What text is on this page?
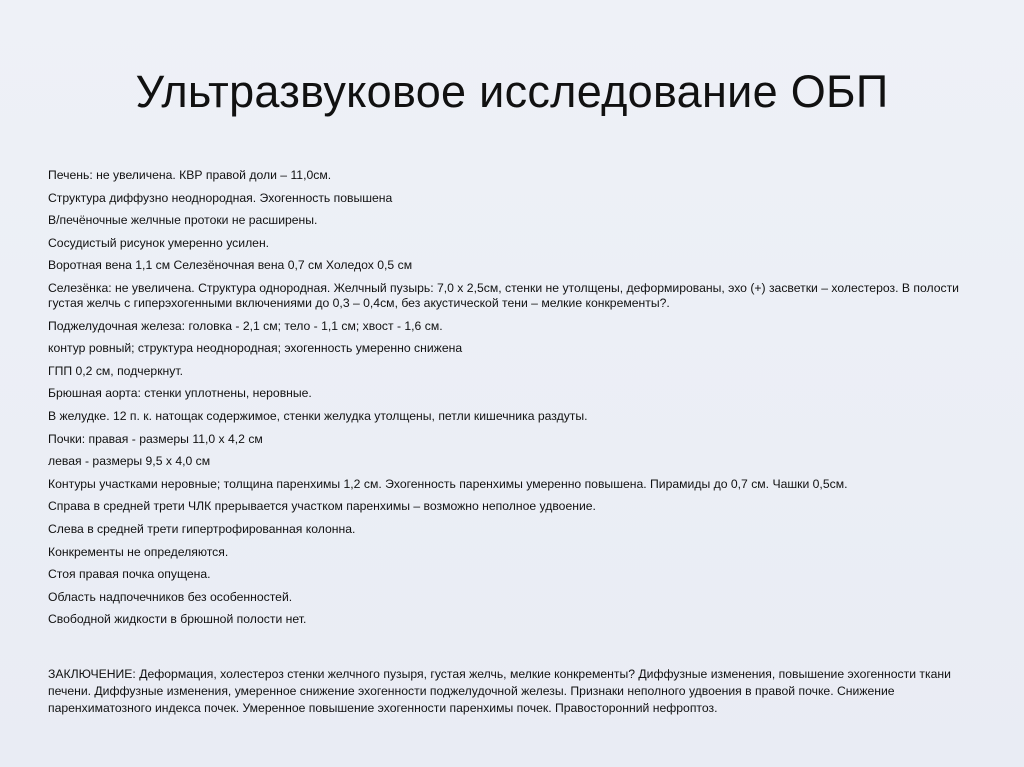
Ультразвуковое исследование ОБП

Печень: не увеличена. КВР правой доли – 11,0см.

Структура диффузно неоднородная. Эхогенность повышена

В/печёночные желчные протоки не расширены.

Сосудистый рисунок умеренно усилен.

Воротная вена 1,1 см Селезёночная вена 0,7 см Холедох 0,5 см

Селезёнка: не увеличена. Структура однородная. Желчный пузырь: 7,0 х 2,5см, стенки не утолщены, деформированы, эхо (+) засветки – холестероз. В полости густая желчь с гиперэхогенными включениями до 0,3 – 0,4см, без акустической тени – мелкие конкременты?.

Поджелудочная железа: головка - 2,1 см; тело - 1,1 см; хвост - 1,6 см.

контур ровный; структура неоднородная; эхогенность умеренно снижена

ГПП 0,2 см, подчеркнут.

Брюшная аорта: стенки уплотнены, неровные.

В желудке. 12 п. к. натощак содержимое, стенки желудка утолщены, петли кишечника раздуты.

Почки: правая - размеры 11,0 х 4,2 см

левая - размеры 9,5 х 4,0 см

Контуры участками неровные; толщина паренхимы 1,2 см. Эхогенность паренхимы умеренно повышена. Пирамиды до 0,7 см. Чашки 0,5см.

Справа в средней трети ЧЛК прерывается участком паренхимы – возможно неполное удвоение.

Слева в средней трети гипертрофированная колонна.

Конкременты не определяются.

Стоя правая почка опущена.

Область надпочечников без особенностей.

Свободной жидкости в брюшной полости нет.

ЗАКЛЮЧЕНИЕ: Деформация, холестероз стенки желчного пузыря, густая желчь, мелкие конкременты? Диффузные изменения, повышение эхогенности ткани печени. Диффузные изменения, умеренное снижение эхогенности поджелудочной железы. Признаки неполного удвоения в правой почке. Снижение паренхиматозного индекса почек. Умеренное повышение эхогенности паренхимы почек. Правосторонний нефроптоз.
